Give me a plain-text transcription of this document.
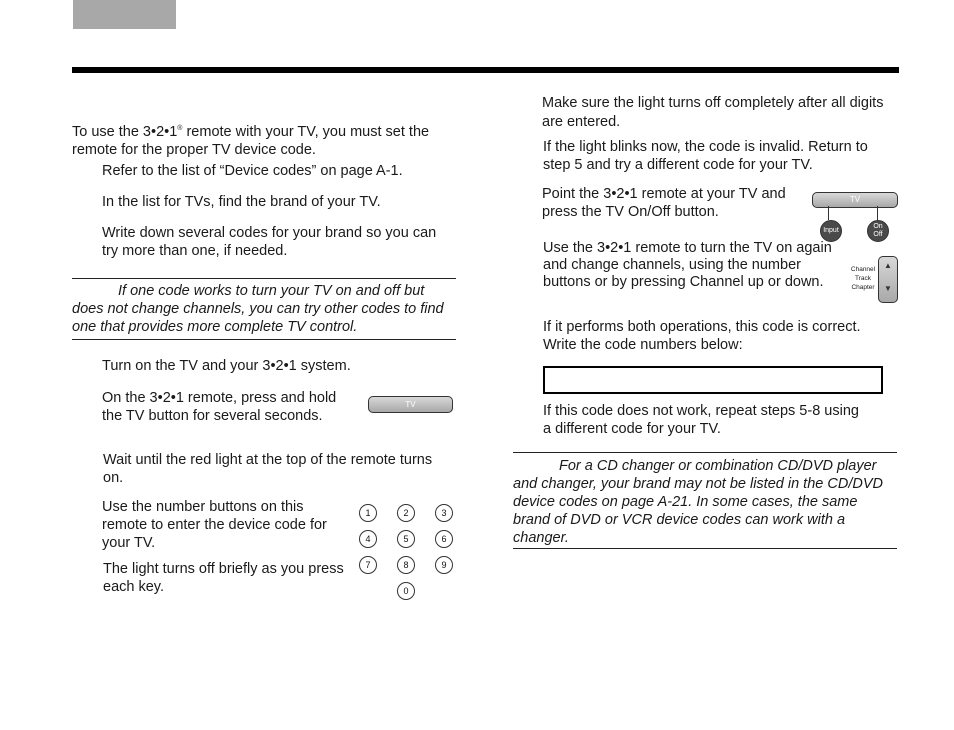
To use the 3•2•1® remote with your TV, you must set the remote for the proper TV device code.
Refer to the list of “Device codes” on page A-1.
In the list for TVs, find the brand of your TV.
Write down several codes for your brand so you can try more than one, if needed.
If one code works to turn your TV on and off but does not change channels, you can try other codes to find one that provides more complete TV control.
Turn on the TV and your 3•2•1 system.
On the 3•2•1 remote, press and hold the TV button for several seconds.
TV
Wait until the red light at the top of the remote turns on.
Use the number buttons on this remote to enter the device code for your TV.
The light turns off briefly as you press each key.
1	2	3
4	5	6
7	8	9
0
Make sure the light turns off completely after all digits are entered.
If the light blinks now, the code is invalid. Return to step 5 and try a different code for your TV.
Point the 3•2•1 remote at your TV and press the TV On/Off button.
TV
Input
On
Off
Use the 3•2•1 remote to turn the TV on again and change channels, using the number buttons or by pressing Channel up or down.
Channel
Track
Chapter
▲
▼
If it performs both operations, this code is correct. Write the code numbers below:
If this code does not work, repeat steps 5-8 using a different code for your TV.
For a CD changer or combination CD/DVD player and changer, your brand may not be listed in the CD/DVD device codes on page A-21. In some cases, the same brand of DVD or VCR device codes can work with a changer.
